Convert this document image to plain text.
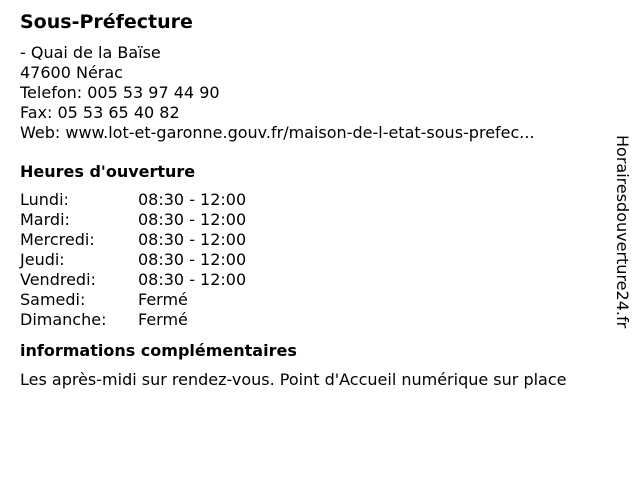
Sous-Préfecture
- Quai de la Baïse
47600 Nérac
Telefon: 005 53 97 44 90
Fax: 05 53 65 40 82
Web: www.lot-et-garonne.gouv.fr/maison-de-l-etat-sous-prefec...
Heures d'ouverture
Lundi:	08:30 - 12:00
Mardi:	08:30 - 12:00
Mercredi:	08:30 - 12:00
Jeudi:	08:30 - 12:00
Vendredi:	08:30 - 12:00
Samedi:	Fermé
Dimanche:	Fermé
informations complémentaires
Les après-midi sur rendez-vous. Point d'Accueil numérique sur place
Horairesdouverture24.fr
